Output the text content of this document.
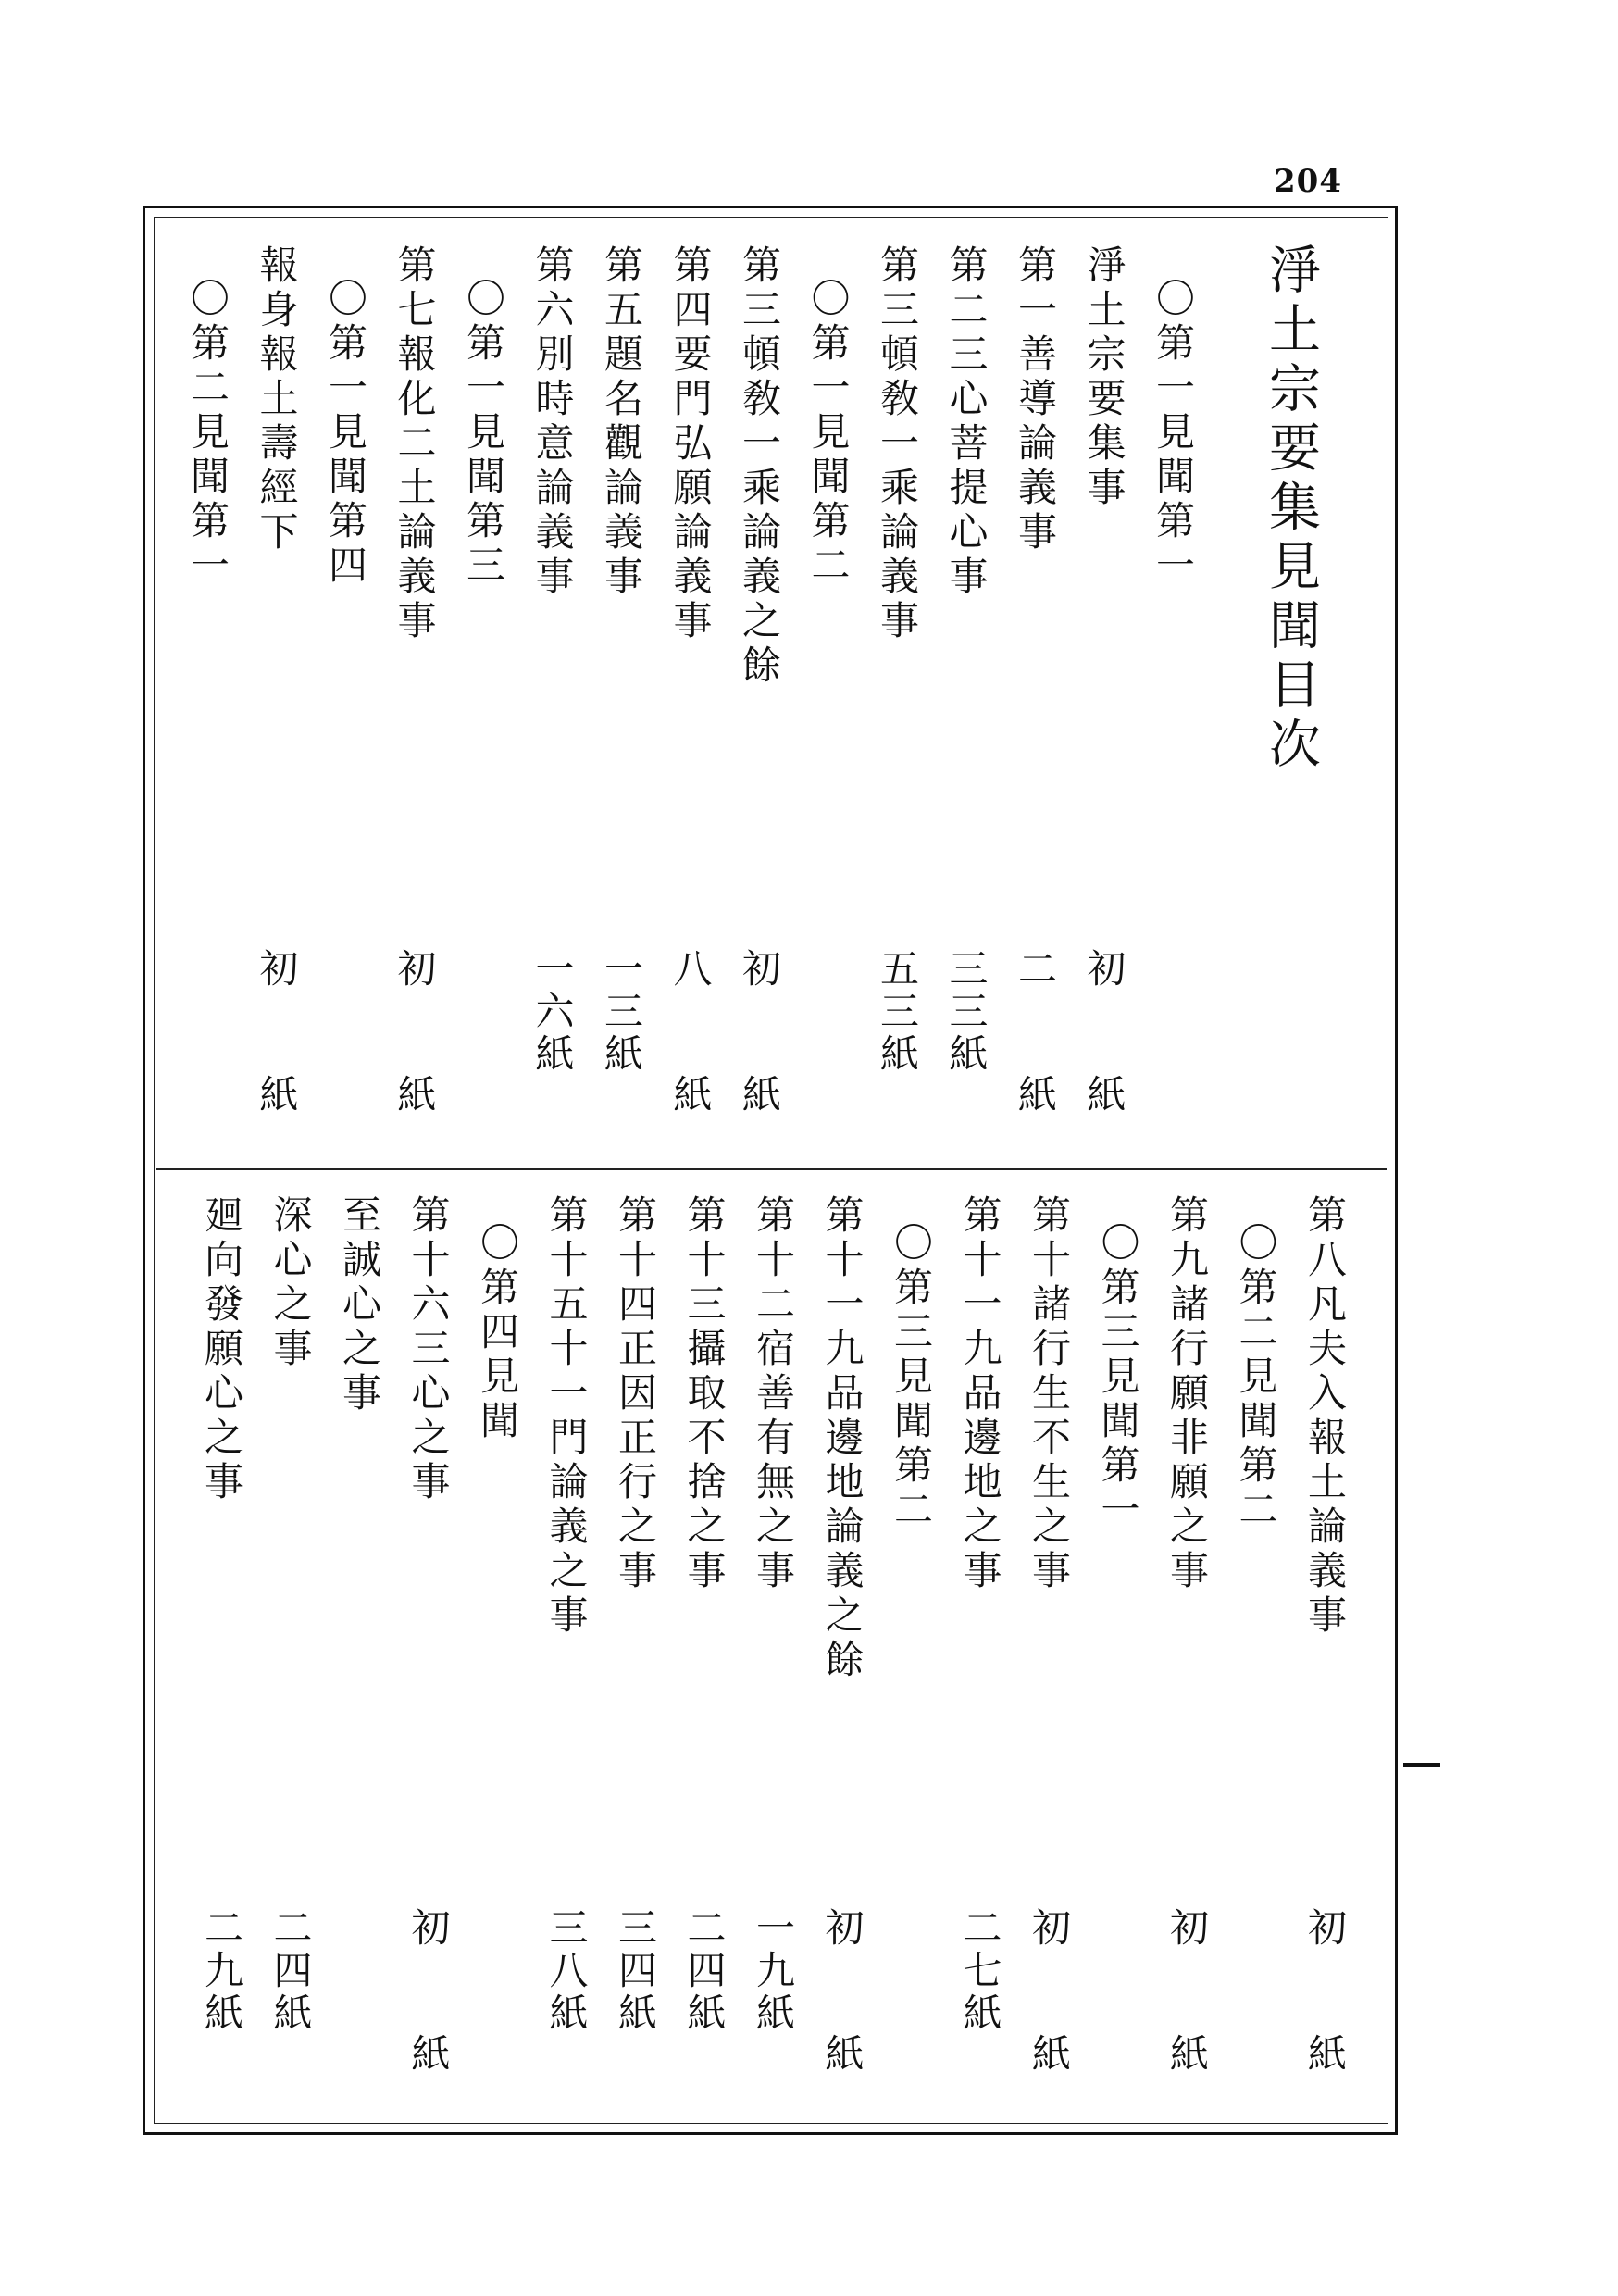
204
淨土宗要集見聞目次
〇第一見聞第一
淨土宗要集事
初　紙
第一善導論義事
二　紙
第二三心菩提心事
三三紙
第三頓敎一乘論義事
五三紙
〇第一見聞第二
第三頓敎一乘論義之餘
初　紙
第四要門弘願論義事
八　紙
第五題名觀論義事
一三紙
第六別時意論義事
一六紙
〇第一見聞第三
第七報化二土論義事
初　紙
〇第一見聞第四
報身報土壽經下
初　紙
〇第二見聞第一
第八凡夫入報土論義事
初　紙
〇第二見聞第二
第九諸行願非願之事
初　紙
〇第三見聞第一
第十諸行生不生之事
初　紙
第十一九品邊地之事
二七紙
〇第三見聞第二
第十一九品邊地論義之餘
初　紙
第十二宿善有無之事
一九紙
第十三攝取不捨之事
二四紙
第十四正因正行之事
三四紙
第十五十一門論義之事
三八紙
〇第四見聞
第十六三心之事
初　紙
至誠心之事
深心之事
二四紙
廻向發願心之事
二九紙
